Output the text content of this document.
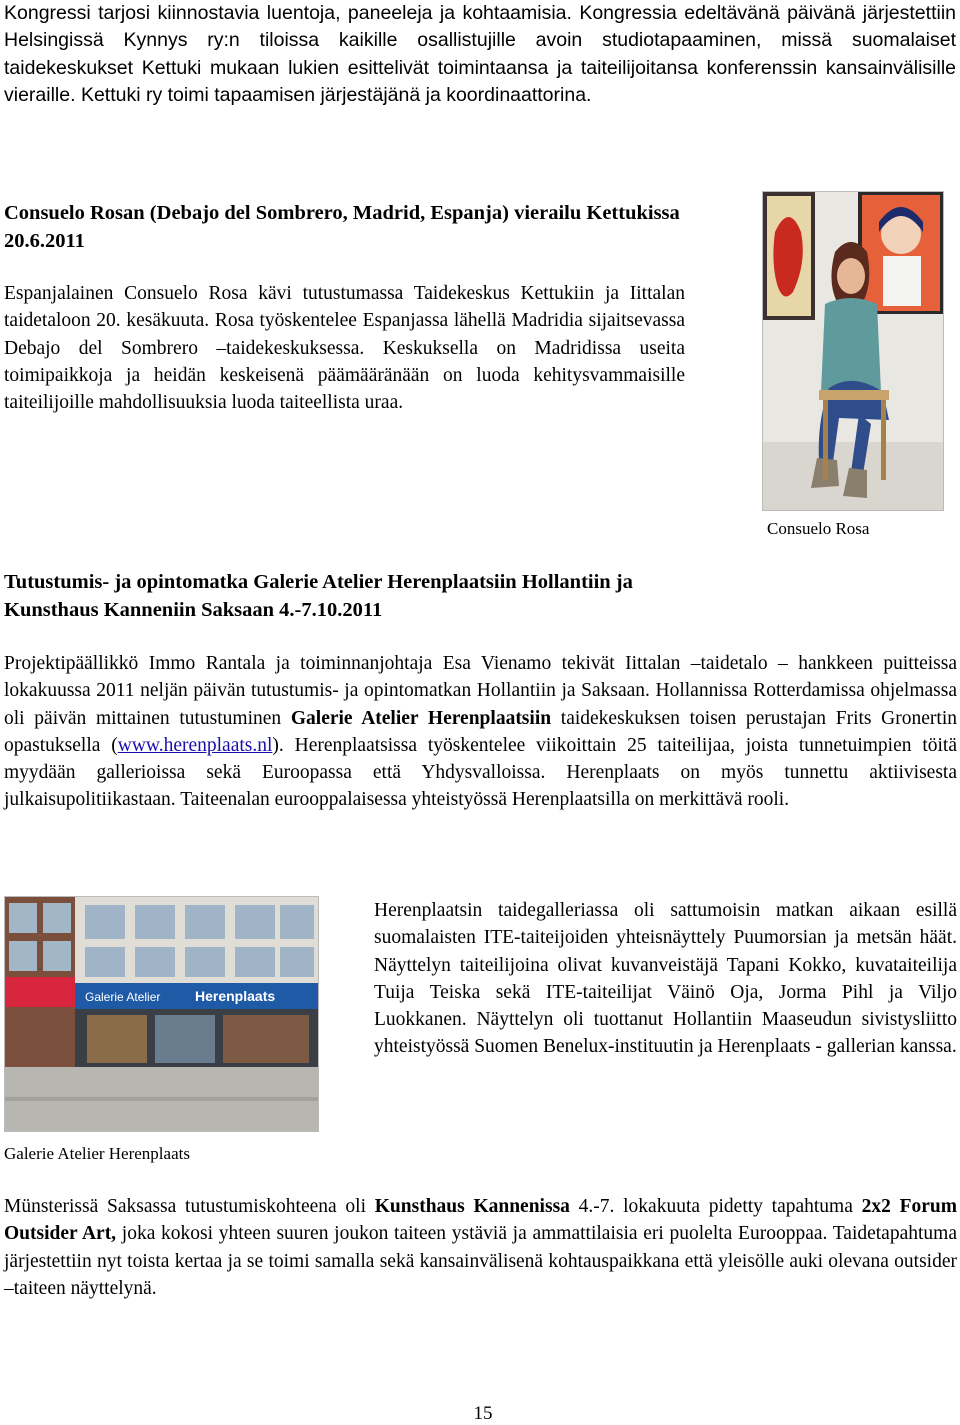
Kongressi tarjosi kiinnostavia luentoja, paneeleja ja kohtaamisia. Kongressia edeltävänä päivänä järjestettiin Helsingissä Kynnys ry:n tiloissa kaikille osallistujille avoin studiotapaaminen, missä suomalaiset taidekeskukset Kettuki mukaan lukien esittelivät toimintaansa ja taiteilijoitansa konferenssin kansainvälisille vieraille. Kettuki ry toimi tapaamisen järjestäjänä ja koordinaattorina.

Consuelo Rosan (Debajo del Sombrero, Madrid, Espanja) vierailu Kettukissa 20.6.2011

Espanjalainen Consuelo Rosa kävi tutustumassa Taidekeskus Kettukiin ja Iittalan taidetaloon 20. kesäkuuta. Rosa työskentelee Espanjassa lähellä Madridia sijaitsevassa Debajo del Sombrero –taidekeskuksessa. Keskuksella on Madridissa useita toimipaikkoja ja heidän keskeisenä päämääränään on luoda kehitysvammaisille taiteilijoille mahdollisuuksia luoda taiteellista uraa.

Consuelo Rosa
Tutustumis- ja opintomatka Galerie Atelier Herenplaatsiin Hollantiin ja Kunsthaus Kanneniin Saksaan 4.-7.10.2011

Projektipäällikkö Immo Rantala ja toiminnanjohtaja Esa Vienamo tekivät Iittalan –taidetalo – hankkeen puitteissa lokakuussa 2011 neljän päivän tutustumis- ja opintomatkan Hollantiin ja Saksaan. Hollannissa Rotterdamissa ohjelmassa oli päivän mittainen tutustuminen Galerie Atelier Herenplaatsiin taidekeskuksen toisen perustajan Frits Gronertin opastuksella (www.herenplaats.nl). Herenplaatsissa työskentelee viikoittain 25 taiteilijaa, joista tunnetuimpien töitä myydään gallerioissa sekä Euroopassa että Yhdysvalloissa. Herenplaats on myös tunnettu aktiivisesta julkaisupolitiikastaan. Taiteenalan eurooppalaisessa yhteistyössä Herenplaatsilla on merkittävä rooli.

Galerie Atelier Herenplaats
Galerie Atelier Herenplaats

Herenplaatsin taidegalleriassa oli sattumoisin matkan aikaan esillä suomalaisten ITE-taiteijoiden yhteisnäyttely Puumorsian ja metsän häät. Näyttelyn taiteilijoina olivat kuvanveistäjä Tapani Kokko, kuvataiteilija Tuija Teiska sekä ITE-taiteilijat Väinö Oja, Jorma Pihl ja Viljo Luokkanen. Näyttelyn oli tuottanut Hollantiin Maaseudun sivistysliitto yhteistyössä Suomen Benelux-instituutin ja Herenplaats - gallerian kanssa.

Münsterissä Saksassa tutustumiskohteena oli Kunsthaus Kannenissa 4.-7. lokakuuta pidetty tapahtuma 2x2 Forum Outsider Art, joka kokosi yhteen suuren joukon taiteen ystäviä ja ammattilaisia eri puolelta Eurooppaa. Taidetapahtuma järjestettiin nyt toista kertaa ja se toimi samalla sekä kansainvälisenä kohtauspaikkana että yleisölle auki olevana outsider –taiteen näyttelynä.

15
